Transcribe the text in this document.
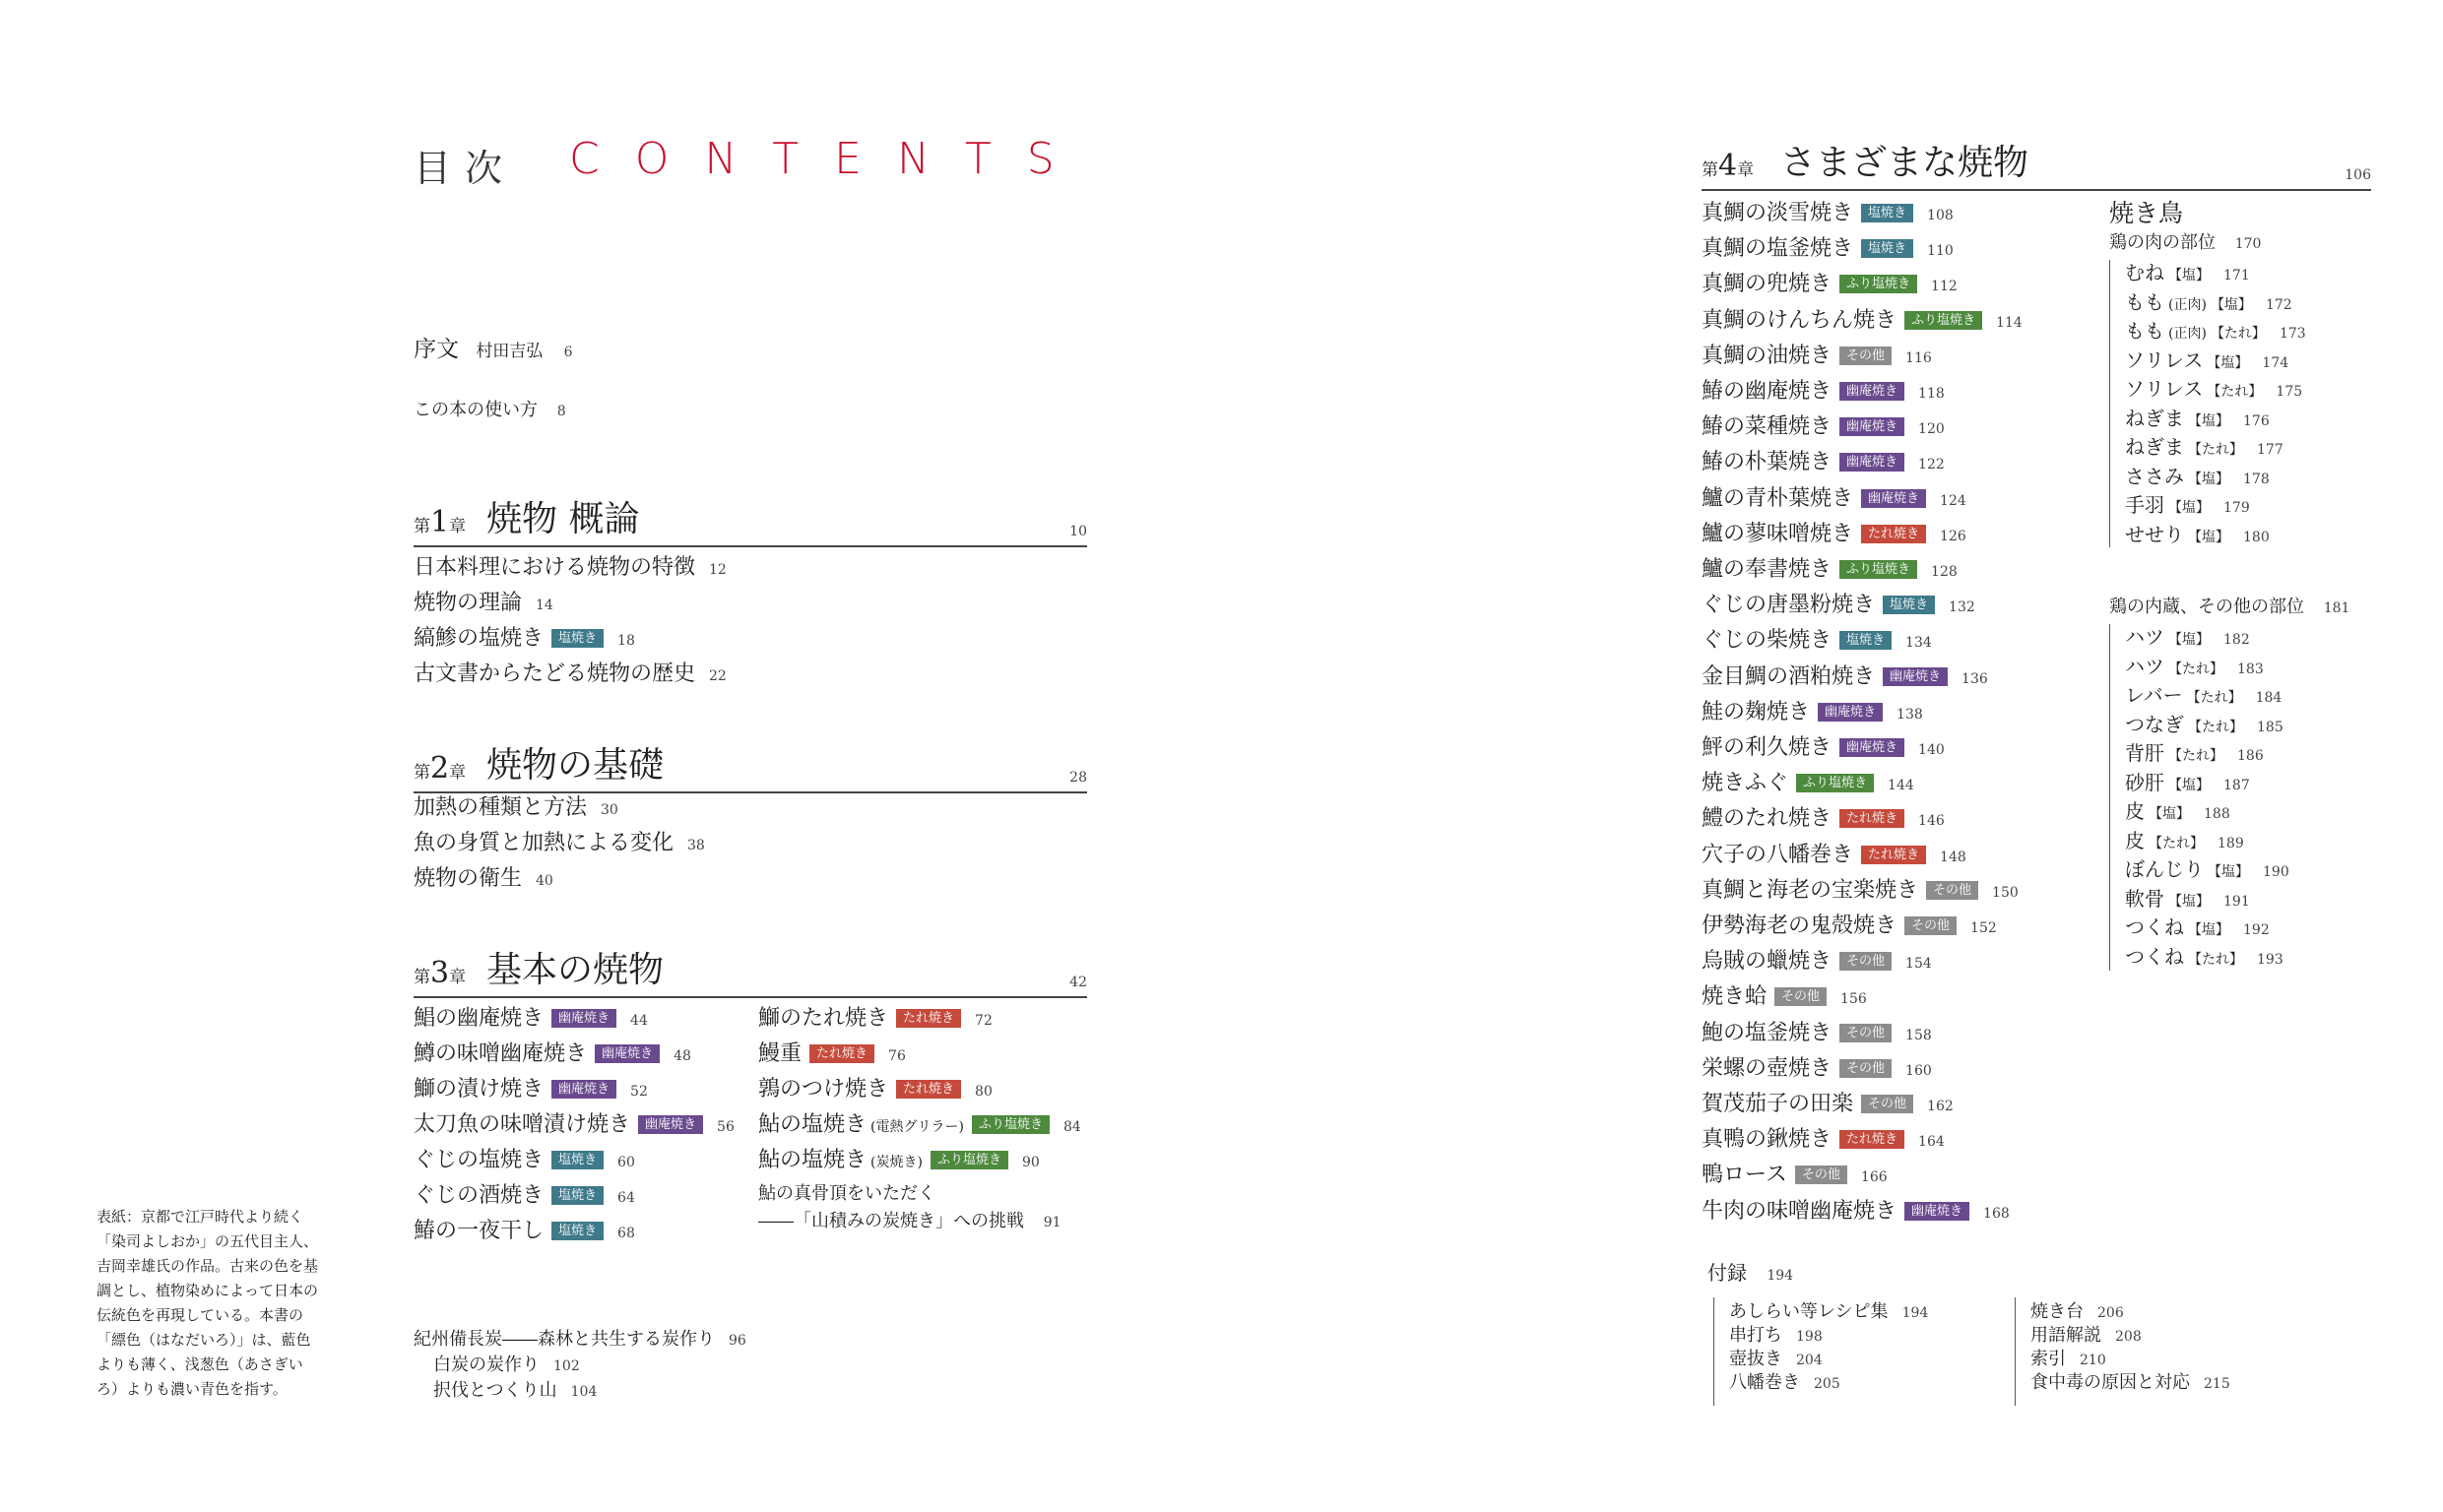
目次 CONTENTS
序文 村田吉弘 6
この本の使い方 8
第1章 焼物 概論	10
日本料理における焼物の特徴 12
焼物の理論 14
縞鯵の塩焼き 塩焼き 18
古文書からたどる焼物の歴史 22
第2章 焼物の基礎	28
加熱の種類と方法 30
魚の身質と加熱による変化 38
焼物の衛生 40
第3章 基本の焼物	42
鯧の幽庵焼き 幽庵焼き 44
鱒の味噌幽庵焼き 幽庵焼き 48
鰤の漬け焼き 幽庵焼き 52
太刀魚の味噌漬け焼き 幽庵焼き 56
ぐじの塩焼き 塩焼き 60
ぐじの酒焼き 塩焼き 64
鰆の一夜干し 塩焼き 68
鰤のたれ焼き たれ焼き 72
鰻重 たれ焼き 76
鶉のつけ焼き たれ焼き 80
鮎の塩焼き (電熱グリラー) ふり塩焼き 84
鮎の塩焼き (炭焼き) ふり塩焼き 90
鮎の真骨頂をいただく
――「山積みの炭焼き」への挑戦 91
紀州備長炭――森林と共生する炭作り 96
白炭の炭作り 102
択伐とつくり山 104
表紙：京都で江戸時代より続く「染司よしおか」の五代目主人、吉岡幸雄氏の作品。古来の色を基調とし、植物染めによって日本の伝統色を再現している。本書の「縹色（はなだいろ）」は、藍色よりも薄く、浅葱色（あさぎいろ）よりも濃い青色を指す。
第4章 さまざまな焼物	106
真鯛の淡雪焼き 塩焼き 108
真鯛の塩釜焼き 塩焼き 110
真鯛の兜焼き ふり塩焼き 112
真鯛のけんちん焼き ふり塩焼き 114
真鯛の油焼き その他 116
鰆の幽庵焼き 幽庵焼き 118
鰆の菜種焼き 幽庵焼き 120
鰆の朴葉焼き 幽庵焼き 122
鱸の青朴葉焼き 幽庵焼き 124
鱸の蓼味噌焼き たれ焼き 126
鱸の奉書焼き ふり塩焼き 128
ぐじの唐墨粉焼き 塩焼き 132
ぐじの柴焼き 塩焼き 134
金目鯛の酒粕焼き 幽庵焼き 136
鮭の麹焼き 幽庵焼き 138
鮃の利久焼き 幽庵焼き 140
焼きふぐ ふり塩焼き 144
鱧のたれ焼き たれ焼き 146
穴子の八幡巻き たれ焼き 148
真鯛と海老の宝楽焼き その他 150
伊勢海老の鬼殻焼き その他 152
烏賊の蠟焼き その他 154
焼き蛤 その他 156
鮑の塩釜焼き その他 158
栄螺の壺焼き その他 160
賀茂茄子の田楽 その他 162
真鴨の鍬焼き たれ焼き 164
鴨ロース その他 166
牛肉の味噌幽庵焼き 幽庵焼き 168
焼き鳥
鶏の肉の部位 170
むね 【塩】 171
もも (正肉) 【塩】 172
もも (正肉) 【たれ】 173
ソリレス 【塩】 174
ソリレス 【たれ】 175
ねぎま 【塩】 176
ねぎま 【たれ】 177
ささみ 【塩】 178
手羽 【塩】 179
せせり 【塩】 180
鶏の内蔵、その他の部位 181
ハツ 【塩】 182
ハツ 【たれ】 183
レバー 【たれ】 184
つなぎ 【たれ】 185
背肝 【たれ】 186
砂肝 【塩】 187
皮 【塩】 188
皮 【たれ】 189
ぼんじり 【塩】 190
軟骨 【塩】 191
つくね 【塩】 192
つくね 【たれ】 193
付録 194
あしらい等レシピ集 194
串打ち 198
壺抜き 204
八幡巻き 205
焼き台 206
用語解説 208
索引 210
食中毒の原因と対応 215
